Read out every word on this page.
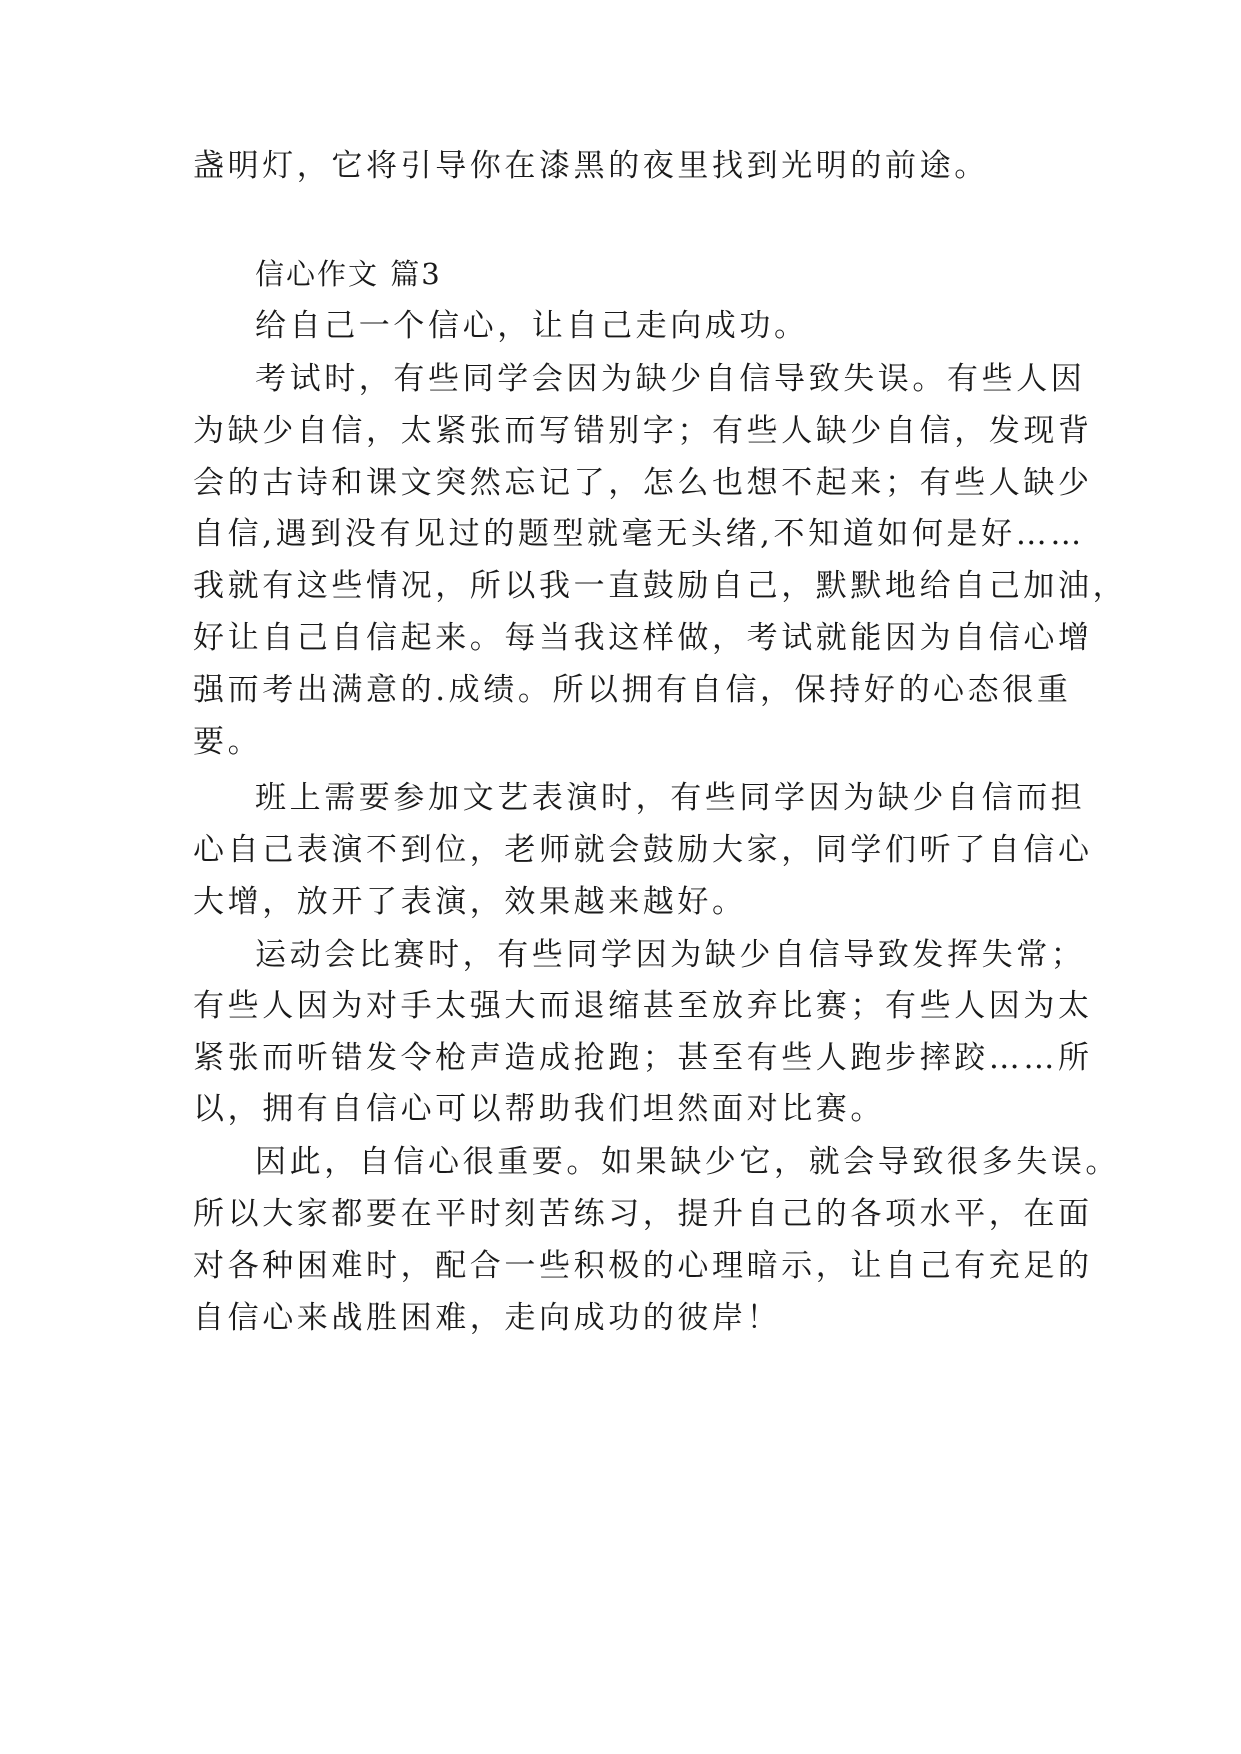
盏明灯，它将引导你在漆黑的夜里找到光明的前途。

信心作文 篇3

给自己一个信心，让自己走向成功。

考试时，有些同学会因为缺少自信导致失误。有些人因

为缺少自信，太紧张而写错别字；有些人缺少自信，发现背

会的古诗和课文突然忘记了，怎么也想不起来；有些人缺少

自信,遇到没有见过的题型就毫无头绪,不知道如何是好……

我就有这些情况，所以我一直鼓励自己，默默地给自己加油，

好让自己自信起来。每当我这样做，考试就能因为自信心增

强而考出满意的.成绩。所以拥有自信，保持好的心态很重

要。

班上需要参加文艺表演时，有些同学因为缺少自信而担

心自己表演不到位，老师就会鼓励大家，同学们听了自信心

大增，放开了表演，效果越来越好。

运动会比赛时，有些同学因为缺少自信导致发挥失常；

有些人因为对手太强大而退缩甚至放弃比赛；有些人因为太

紧张而听错发令枪声造成抢跑；甚至有些人跑步摔跤……所

以，拥有自信心可以帮助我们坦然面对比赛。

因此，自信心很重要。如果缺少它，就会导致很多失误。

所以大家都要在平时刻苦练习，提升自己的各项水平，在面

对各种困难时，配合一些积极的心理暗示，让自己有充足的

自信心来战胜困难，走向成功的彼岸！
